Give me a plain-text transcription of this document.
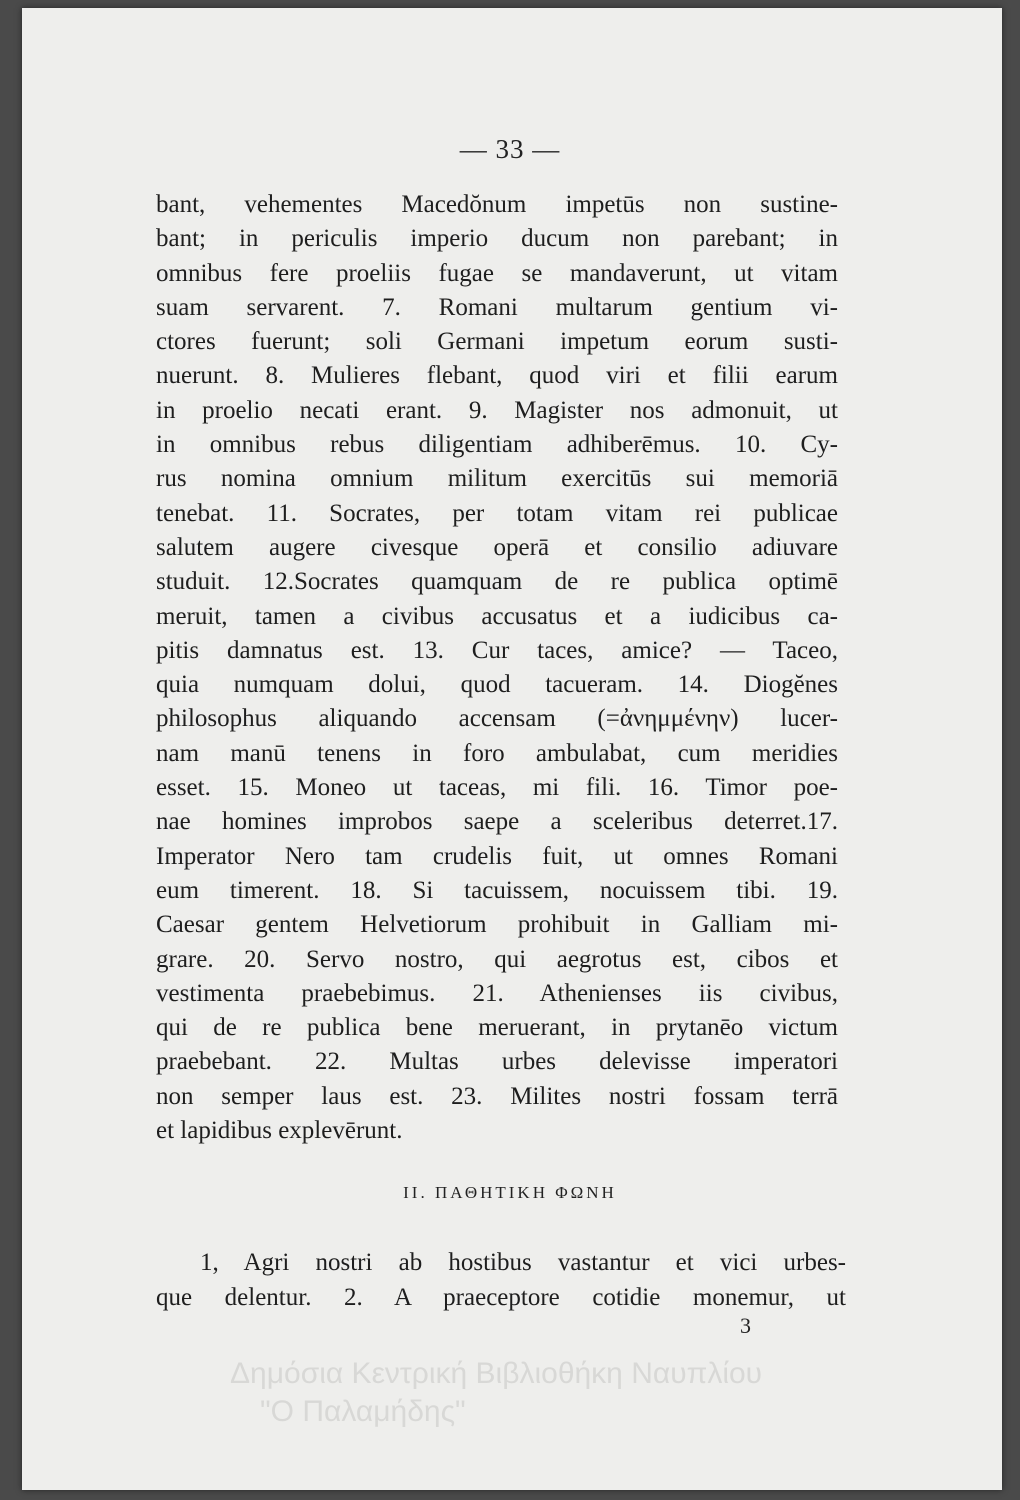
— 33 —
bant, vehementes Macedŏnum impetūs non sustine-
bant; in periculis imperio ducum non parebant; in
omnibus fere proeliis fugae se mandaverunt, ut vitam
suam servarent. 7. Romani multarum gentium vi-
ctores fuerunt; soli Germani impetum eorum susti-
nuerunt. 8. Mulieres flebant, quod viri et filii earum
in proelio necati erant. 9. Magister nos admonuit, ut
in omnibus rebus diligentiam adhiberēmus. 10. Cy-
rus nomina omnium militum exercitūs sui memoriā
tenebat. 11. Socrates, per totam vitam rei publicae
salutem augere civesque operā et consilio adiuvare
studuit. 12.Socrates quamquam de re publica optimē
meruit, tamen a civibus accusatus et a iudicibus ca-
pitis damnatus est. 13. Cur taces, amice? — Taceo,
quia numquam dolui, quod tacueram. 14. Diogĕnes
philosophus aliquando accensam (=ἀνημμένην) lucer-
nam manū tenens in foro ambulabat, cum meridies
esset. 15. Moneo ut taceas, mi fili. 16. Timor poe-
nae homines improbos saepe a sceleribus deterret.17.
Imperator Nero tam crudelis fuit, ut omnes Romani
eum timerent. 18. Si tacuissem, nocuissem tibi. 19.
Caesar gentem Helvetiorum prohibuit in Galliam mi-
grare. 20. Servo nostro, qui aegrotus est, cibos et
vestimenta praebebimus. 21. Athenienses iis civibus,
qui de re publica bene meruerant, in prytanēo victum
praebebant. 22. Multas urbes delevisse imperatori
non semper laus est. 23. Milites nostri fossam terrā
et lapidibus explevērunt.
II. ΠΑΘΗΤΙΚΗ ΦΩΝΗ
1, Agri nostri ab hostibus vastantur et vici urbes-
que delentur. 2. A praeceptore cotidie monemur, ut
3
Δημόσια Κεντρική Βιβλιοθήκη Ναυπλίου
"Ο Παλαμήδης"
